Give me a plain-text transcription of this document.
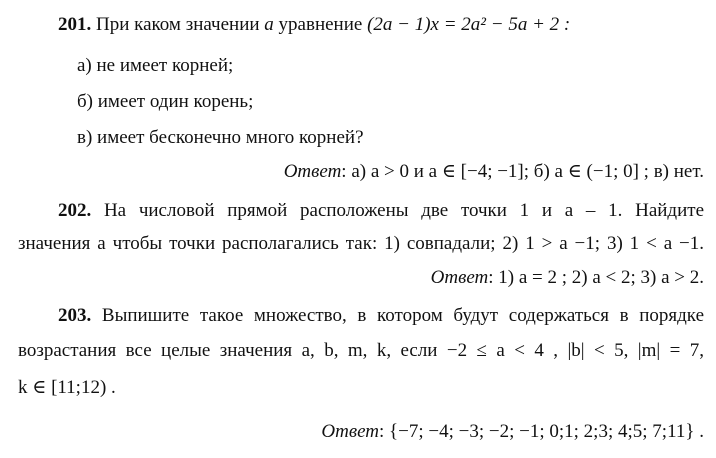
201. При каком значении a уравнение (2a − 1)x = 2a² − 5a + 2 :
а) не имеет корней;
б) имеет один корень;
в) имеет бесконечно много корней?
Ответ: а) a > 0 и a ∈ [−4; −1]; б) a ∈ (−1; 0] ; в) нет.
202. На числовой прямой расположены две точки 1 и a – 1. Найдите
значения a чтобы точки располагались так: 1) совпадали; 2) 1 > a −1; 3) 1 < a −1.
Ответ: 1) a = 2 ; 2) a < 2; 3) a > 2.
203. Выпишите такое множество, в котором будут содержаться в порядке
возрастания все целые значения a, b, m, k, если −2 ≤ a < 4 , |b| < 5, |m| = 7,
k ∈ [11;12) .
Ответ: {−7; −4; −3; −2; −1; 0;1; 2;3; 4;5; 7;11} .
